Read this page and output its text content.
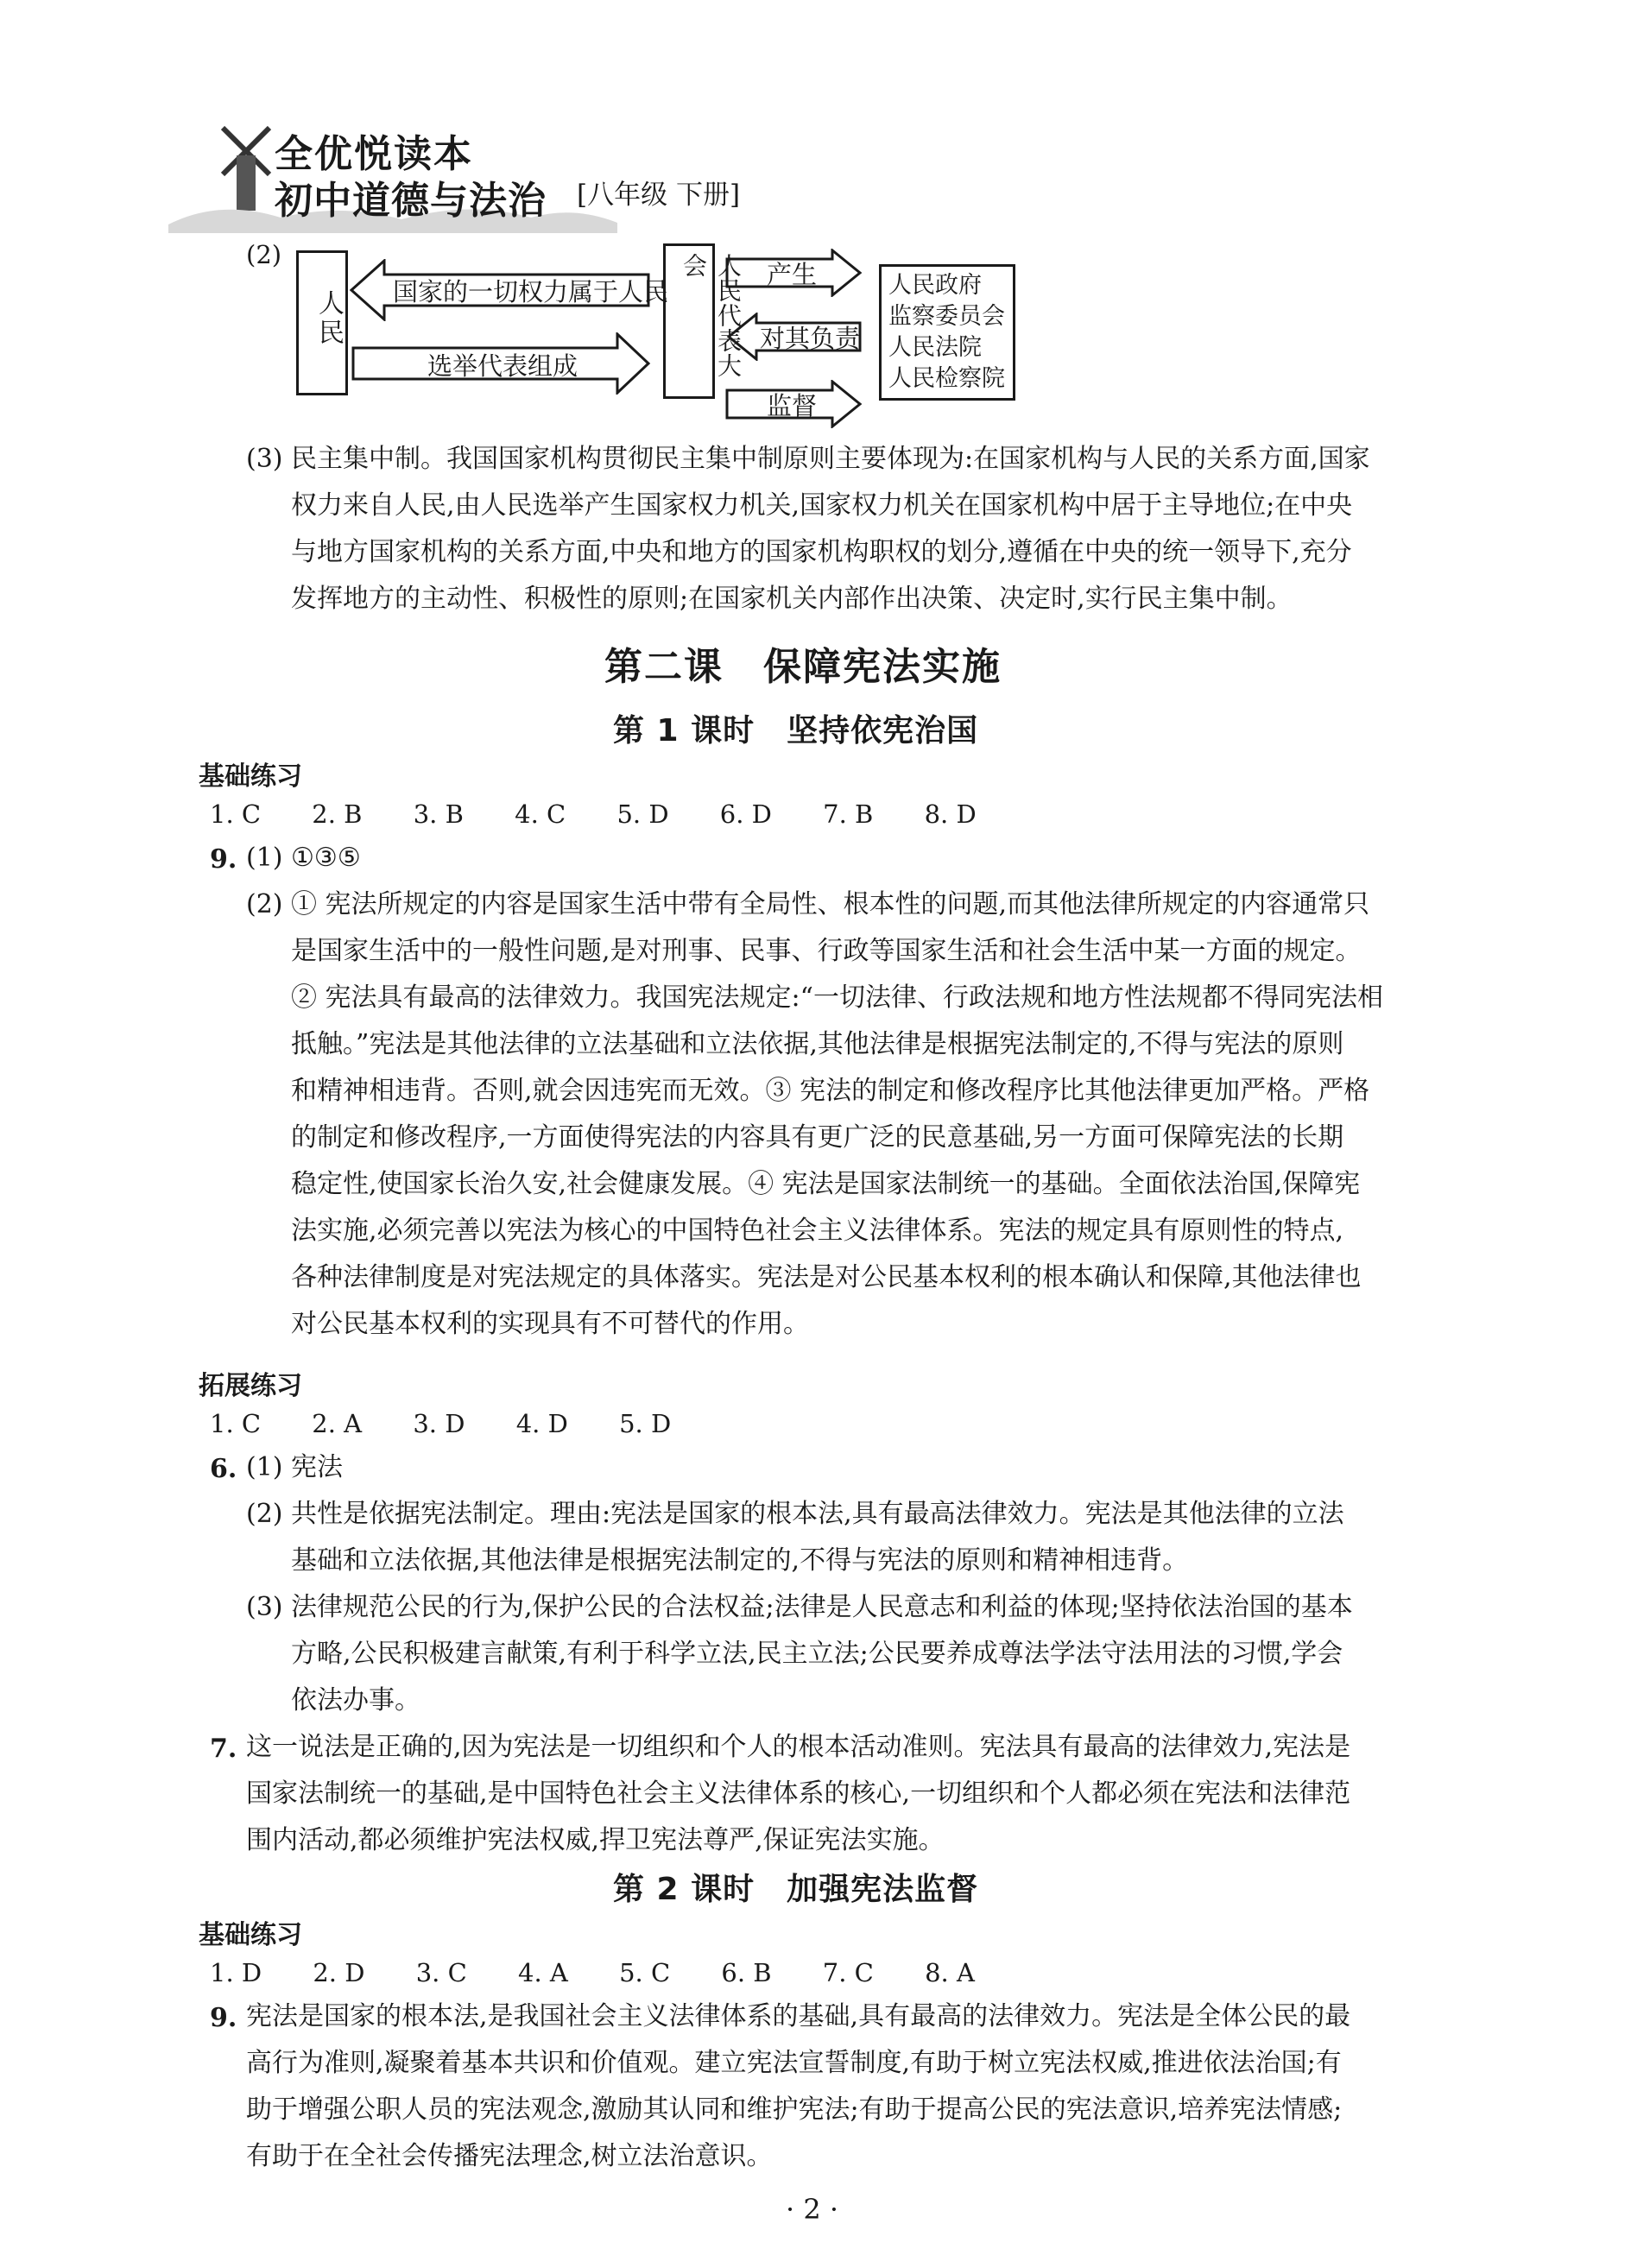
全优悦读本
初中道德与法治 [八年级 下册]
(2)
人民 国家的一切权力属于人民
选举代表组成	人民代表大会	产生
对其负责
监督
人民政府
监察委员会
人民法院
人民检察院
(3) 民主集中制。我国国家机构贯彻民主集中制原则主要体现为:在国家机构与人民的关系方面,国家
权力来自人民,由人民选举产生国家权力机关,国家权力机关在国家机构中居于主导地位;在中央
与地方国家机构的关系方面,中央和地方的国家机构职权的划分,遵循在中央的统一领导下,充分
发挥地方的主动性、积极性的原则;在国家机关内部作出决策、决定时,实行民主集中制。
第二课　保障宪法实施
第 1 课时　坚持依宪治国
基础练习
1. C 2. B 3. B 4. C 5. D 6. D 7. B 8. D
9. (1) ①③⑤
(2) ① 宪法所规定的内容是国家生活中带有全局性、根本性的问题,而其他法律所规定的内容通常只
是国家生活中的一般性问题,是对刑事、民事、行政等国家生活和社会生活中某一方面的规定。
② 宪法具有最高的法律效力。我国宪法规定:“一切法律、行政法规和地方性法规都不得同宪法相
抵触。”宪法是其他法律的立法基础和立法依据,其他法律是根据宪法制定的,不得与宪法的原则
和精神相违背。否则,就会因违宪而无效。③ 宪法的制定和修改程序比其他法律更加严格。严格
的制定和修改程序,一方面使得宪法的内容具有更广泛的民意基础,另一方面可保障宪法的长期
稳定性,使国家长治久安,社会健康发展。④ 宪法是国家法制统一的基础。全面依法治国,保障宪
法实施,必须完善以宪法为核心的中国特色社会主义法律体系。宪法的规定具有原则性的特点,
各种法律制度是对宪法规定的具体落实。宪法是对公民基本权利的根本确认和保障,其他法律也
对公民基本权利的实现具有不可替代的作用。
拓展练习
1. C 2. A 3. D 4. D 5. D
6. (1) 宪法
(2) 共性是依据宪法制定。理由:宪法是国家的根本法,具有最高法律效力。宪法是其他法律的立法
基础和立法依据,其他法律是根据宪法制定的,不得与宪法的原则和精神相违背。
(3) 法律规范公民的行为,保护公民的合法权益;法律是人民意志和利益的体现;坚持依法治国的基本
方略,公民积极建言献策,有利于科学立法,民主立法;公民要养成尊法学法守法用法的习惯,学会
依法办事。
7. 这一说法是正确的,因为宪法是一切组织和个人的根本活动准则。宪法具有最高的法律效力,宪法是
国家法制统一的基础,是中国特色社会主义法律体系的核心,一切组织和个人都必须在宪法和法律范
围内活动,都必须维护宪法权威,捍卫宪法尊严,保证宪法实施。
第 2 课时　加强宪法监督
基础练习
1. D 2. D 3. C 4. A 5. C 6. B 7. C 8. A
9. 宪法是国家的根本法,是我国社会主义法律体系的基础,具有最高的法律效力。宪法是全体公民的最
高行为准则,凝聚着基本共识和价值观。建立宪法宣誓制度,有助于树立宪法权威,推进依法治国;有
助于增强公职人员的宪法观念,激励其认同和维护宪法;有助于提高公民的宪法意识,培养宪法情感;
有助于在全社会传播宪法理念,树立法治意识。
· 2 ·
